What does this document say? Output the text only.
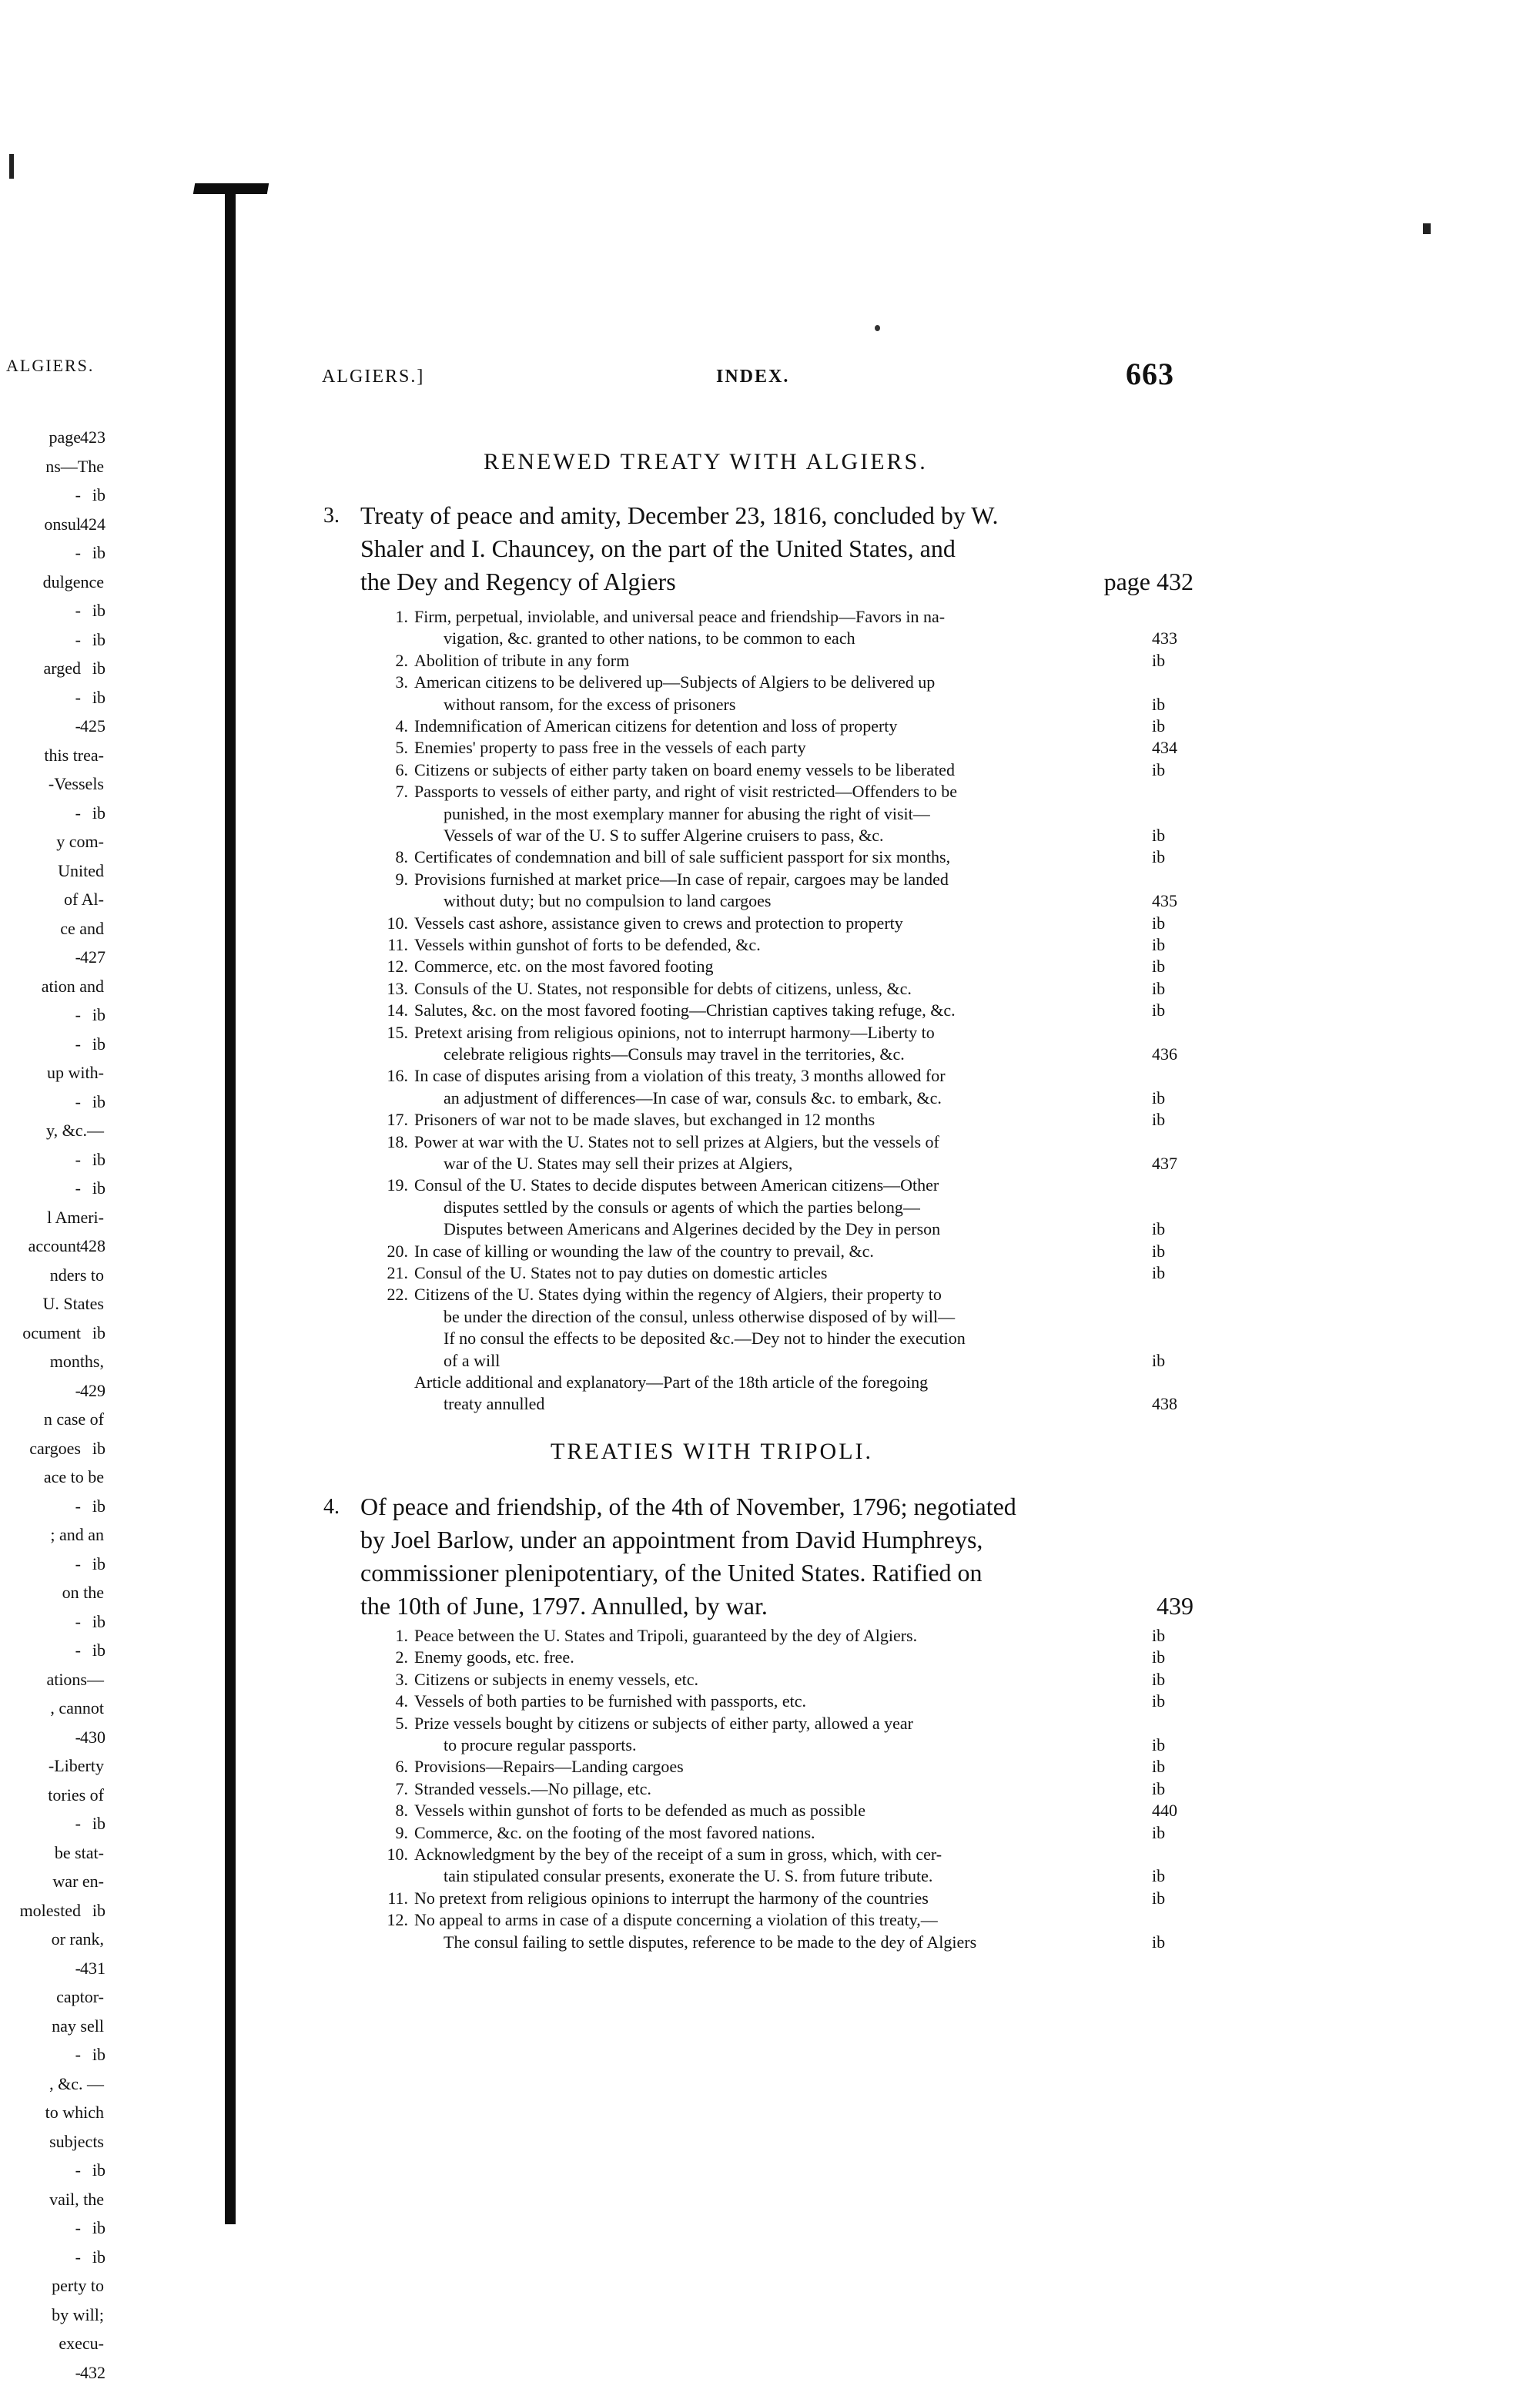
ALGIERS.
page 423
ns—The
- ib
onsul 424
- ib
dulgence
- ib
- ib
arged ib
- ib
- 425
this trea-
-Vessels
- ib
y com-
United
of Al-
ce and
- 427
ation and
- ib
- ib
up with-
- ib
y, &c.—
- ib
- ib
l Ameri-
account 428
nders to
U. States
ocument ib
months,
- 429
n case of
cargoes ib
ace to be
- ib
; and an
- ib
on the
- ib
- ib
ations—
, cannot
- 430
-Liberty
tories of
- ib
be stat-
war en-
molested ib
or rank,
- 431
captor-
nay sell
- ib
, &c. —
to which
subjects
- ib
vail, the
- ib
- ib
perty to
by will;
execu-
- 432
ALGIERS.]	INDEX.	663
RENEWED TREATY WITH ALGIERS.
3. Treaty of peace and amity, December 23, 1816, concluded by W.
Shaler and I. Chauncey, on the part of the United States, and
the Dey and Regency of Algiers	page 432
1. Firm, perpetual, inviolable, and universal peace and friendship—Favors in na-
vigation, &c. granted to other nations, to be common to each	433
2. Abolition of tribute in any form	ib
3. American citizens to be delivered up—Subjects of Algiers to be delivered up
without ransom, for the excess of prisoners	ib
4. Indemnification of American citizens for detention and loss of property	ib
5. Enemies' property to pass free in the vessels of each party	434
6. Citizens or subjects of either party taken on board enemy vessels to be liberated	ib
7. Passports to vessels of either party, and right of visit restricted—Offenders to be
punished, in the most exemplary manner for abusing the right of visit—
Vessels of war of the U. S to suffer Algerine cruisers to pass, &c.	ib
8. Certificates of condemnation and bill of sale sufficient passport for six months,	ib
9. Provisions furnished at market price—In case of repair, cargoes may be landed
without duty; but no compulsion to land cargoes	435
10. Vessels cast ashore, assistance given to crews and protection to property	ib
11. Vessels within gunshot of forts to be defended, &c.	ib
12. Commerce, etc. on the most favored footing	ib
13. Consuls of the U. States, not responsible for debts of citizens, unless, &c.	ib
14. Salutes, &c. on the most favored footing—Christian captives taking refuge, &c.	ib
15. Pretext arising from religious opinions, not to interrupt harmony—Liberty to
celebrate religious rights—Consuls may travel in the territories, &c.	436
16. In case of disputes arising from a violation of this treaty, 3 months allowed for
an adjustment of differences—In case of war, consuls &c. to embark, &c.	ib
17. Prisoners of war not to be made slaves, but exchanged in 12 months	ib
18. Power at war with the U. States not to sell prizes at Algiers, but the vessels of
war of the U. States may sell their prizes at Algiers,	437
19. Consul of the U. States to decide disputes between American citizens—Other
disputes settled by the consuls or agents of which the parties belong—
Disputes between Americans and Algerines decided by the Dey in person	ib
20. In case of killing or wounding the law of the country to prevail, &c.	ib
21. Consul of the U. States not to pay duties on domestic articles	ib
22. Citizens of the U. States dying within the regency of Algiers, their property to
be under the direction of the consul, unless otherwise disposed of by will—
If no consul the effects to be deposited &c.—Dey not to hinder the execution
of a will	ib
Article additional and explanatory—Part of the 18th article of the foregoing
treaty annulled	438
TREATIES WITH TRIPOLI.
4. Of peace and friendship, of the 4th of November, 1796; negotiated
by Joel Barlow, under an appointment from David Humphreys,
commissioner plenipotentiary, of the United States. Ratified on
the 10th of June, 1797. Annulled, by war.	439
1. Peace between the U. States and Tripoli, guaranteed by the dey of Algiers.	ib
2. Enemy goods, etc. free.	ib
3. Citizens or subjects in enemy vessels, etc.	ib
4. Vessels of both parties to be furnished with passports, etc.	ib
5. Prize vessels bought by citizens or subjects of either party, allowed a year
to procure regular passports.	ib
6. Provisions—Repairs—Landing cargoes	ib
7. Stranded vessels.—No pillage, etc.	ib
8. Vessels within gunshot of forts to be defended as much as possible	440
9. Commerce, &c. on the footing of the most favored nations.	ib
10. Acknowledgment by the bey of the receipt of a sum in gross, which, with cer-
tain stipulated consular presents, exonerate the U. S. from future tribute.	ib
11. No pretext from religious opinions to interrupt the harmony of the countries	ib
12. No appeal to arms in case of a dispute concerning a violation of this treaty,—
The consul failing to settle disputes, reference to be made to the dey of Algiers	ib
